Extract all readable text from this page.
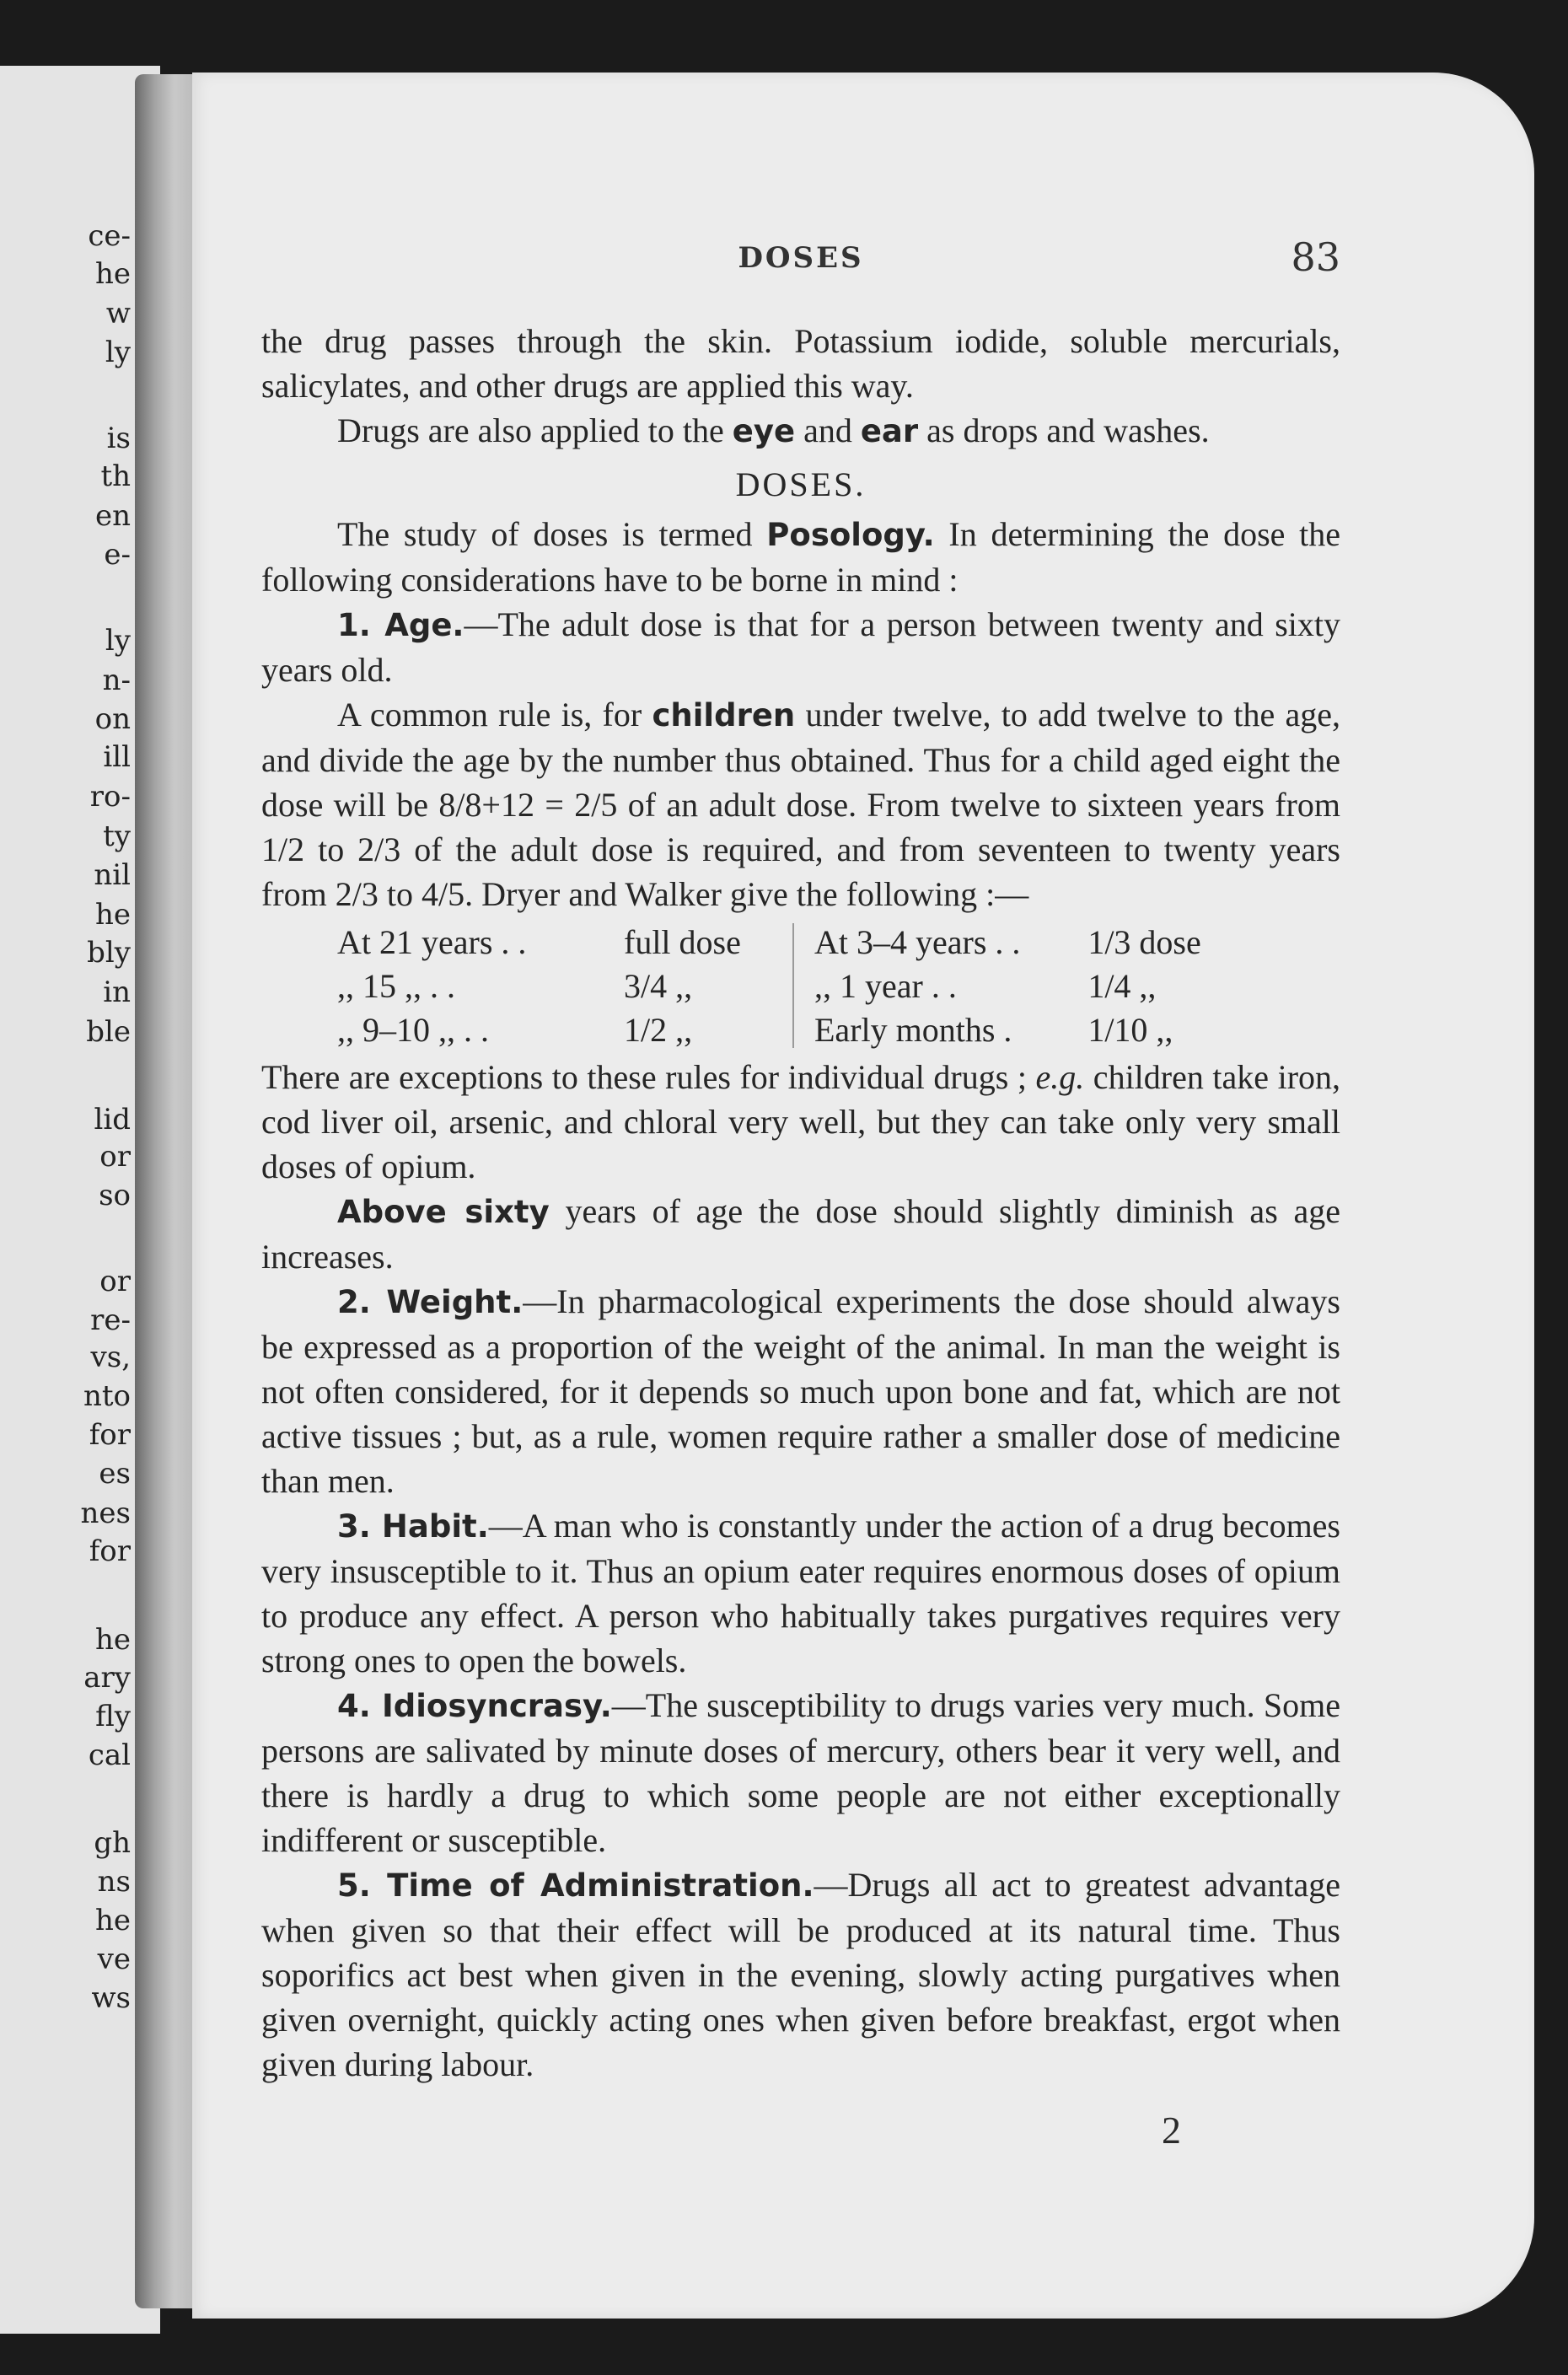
ce-
he
w
ly
is
th
en
e-
ly
n-
on
ill
ro-
ty
nil
he
bly
in
ble
lid
or
so
or
re-
vs,
nto
for
es
nes
for
he
ary
fly
cal
gh
ns
he
ve
ws
DOSES	83

the drug passes through the skin. Potassium iodide, soluble mercurials, salicylates, and other drugs are applied this way.

Drugs are also applied to the eye and ear as drops and washes.

DOSES.

The study of doses is termed Posology. In determining the dose the following considerations have to be borne in mind :

1. Age.—The adult dose is that for a person between twenty and sixty years old.

A common rule is, for children under twelve, to add twelve to the age, and divide the age by the number thus obtained. Thus for a child aged eight the dose will be 8/8+12 = 2/5 of an adult dose. From twelve to sixteen years from 1/2 to 2/3 of the adult dose is required, and from seventeen to twenty years from 2/3 to 4/5. Dryer and Walker give the following :—

At 21 years . .	full dose
,, 15 ,, . .	3/4 ,,
,, 9–10 ,, . .	1/2 ,,
At 3–4 years . .	1/3 dose
,, 1 year . .	1/4 ,,
Early months .	1/10 ,,

There are exceptions to these rules for individual drugs ; e.g. children take iron, cod liver oil, arsenic, and chloral very well, but they can take only very small doses of opium.

Above sixty years of age the dose should slightly diminish as age increases.

2. Weight.—In pharmacological experiments the dose should always be expressed as a proportion of the weight of the animal. In man the weight is not often considered, for it depends so much upon bone and fat, which are not active tissues ; but, as a rule, women require rather a smaller dose of medicine than men.

3. Habit.—A man who is constantly under the action of a drug becomes very insusceptible to it. Thus an opium eater requires enormous doses of opium to produce any effect. A person who habitually takes purgatives requires very strong ones to open the bowels.

4. Idiosyncrasy.—The susceptibility to drugs varies very much. Some persons are salivated by minute doses of mercury, others bear it very well, and there is hardly a drug to which some people are not either exceptionally indifferent or susceptible.

5. Time of Administration.—Drugs all act to greatest advantage when given so that their effect will be produced at its natural time. Thus soporifics act best when given in the evening, slowly acting purgatives when given overnight, quickly acting ones when given before breakfast, ergot when given during labour.

2
